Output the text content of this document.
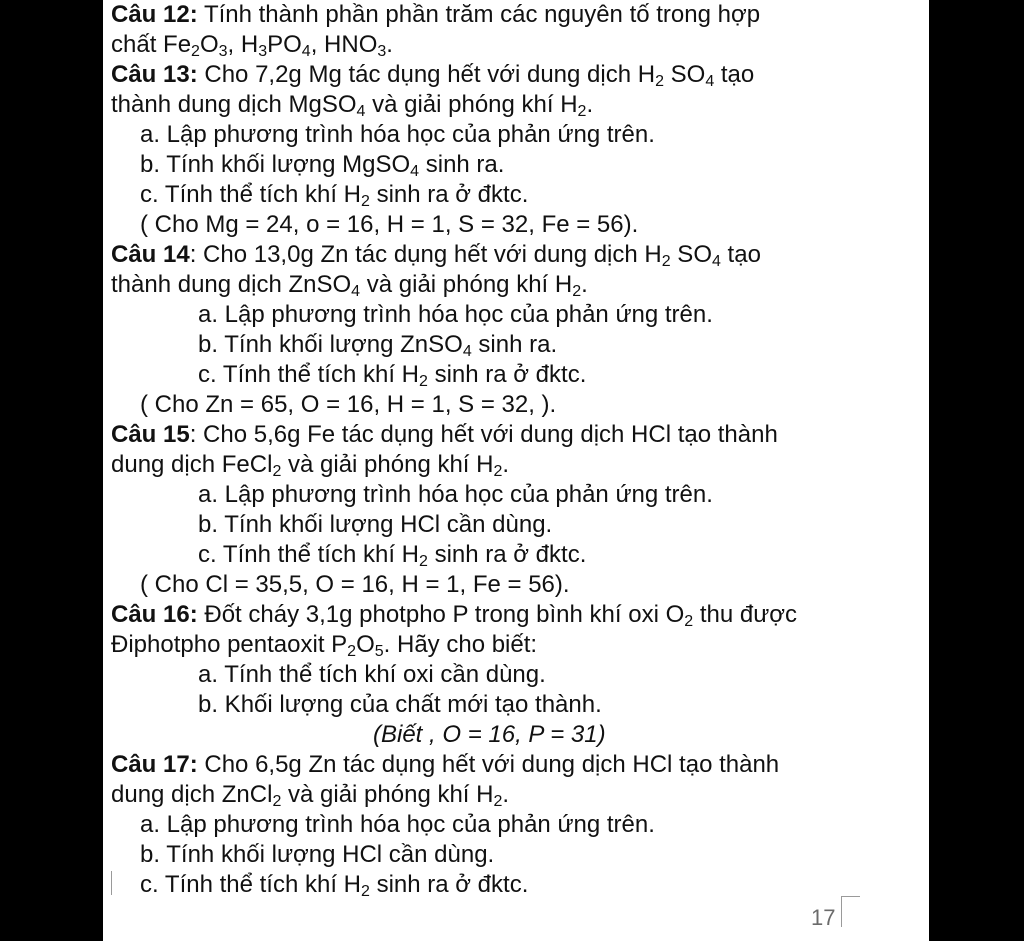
Câu 12: Tính thành phần phần trăm các nguyên tố trong hợp
chất $Fe_2O_3$, $H_3PO_4$, $HNO_3$.
Câu 13: Cho 7,2g Mg tác dụng hết với dung dịch $H_2$ $SO_4$ tạo
thành dung dịch MgSO$_4$ và giải phóng khí $H_2$.
a. Lập phương trình hóa học của phản ứng trên.
b. Tính khối lượng MgSO$_4$ sinh ra.
c. Tính thể tích khí $H_2$ sinh ra ở đktc.
( Cho Mg = 24, o = 16, H = 1, S = 32, Fe = 56).
Câu 14: Cho 13,0g Zn tác dụng hết với dung dịch $H_2$ $SO_4$ tạo
thành dung dịch ZnSO$_4$ và giải phóng khí $H_2$.
a. Lập phương trình hóa học của phản ứng trên.
b. Tính khối lượng ZnSO$_4$ sinh ra.
c. Tính thể tích khí $H_2$ sinh ra ở đktc.
( Cho Zn = 65, O = 16, H = 1, S = 32, ).
Câu 15: Cho 5,6g Fe tác dụng hết với dung dịch HCl tạo thành
dung dịch FeCl$_2$ và giải phóng khí $H_2$.
a. Lập phương trình hóa học của phản ứng trên.
b. Tính khối lượng HCl cần dùng.
c. Tính thể tích khí $H_2$ sinh ra ở đktc.
( Cho Cl = 35,5, O = 16, H = 1, Fe = 56).
Câu 16: Đốt cháy 3,1g photpho P trong bình khí oxi $O_2$ thu được
Điphotpho pentaoxit $P_2O_5$. Hãy cho biết:
a. Tính thể tích khí oxi cần dùng.
b. Khối lượng của chất mới tạo thành.
(Biết , O = 16, P = 31)
Câu 17: Cho 6,5g Zn tác dụng hết với dung dịch HCl tạo thành
dung dịch ZnCl$_2$ và giải phóng khí $H_2$.
a. Lập phương trình hóa học của phản ứng trên.
b. Tính khối lượng HCl cần dùng.
c. Tính thể tích khí $H_2$ sinh ra ở đktc.
17
